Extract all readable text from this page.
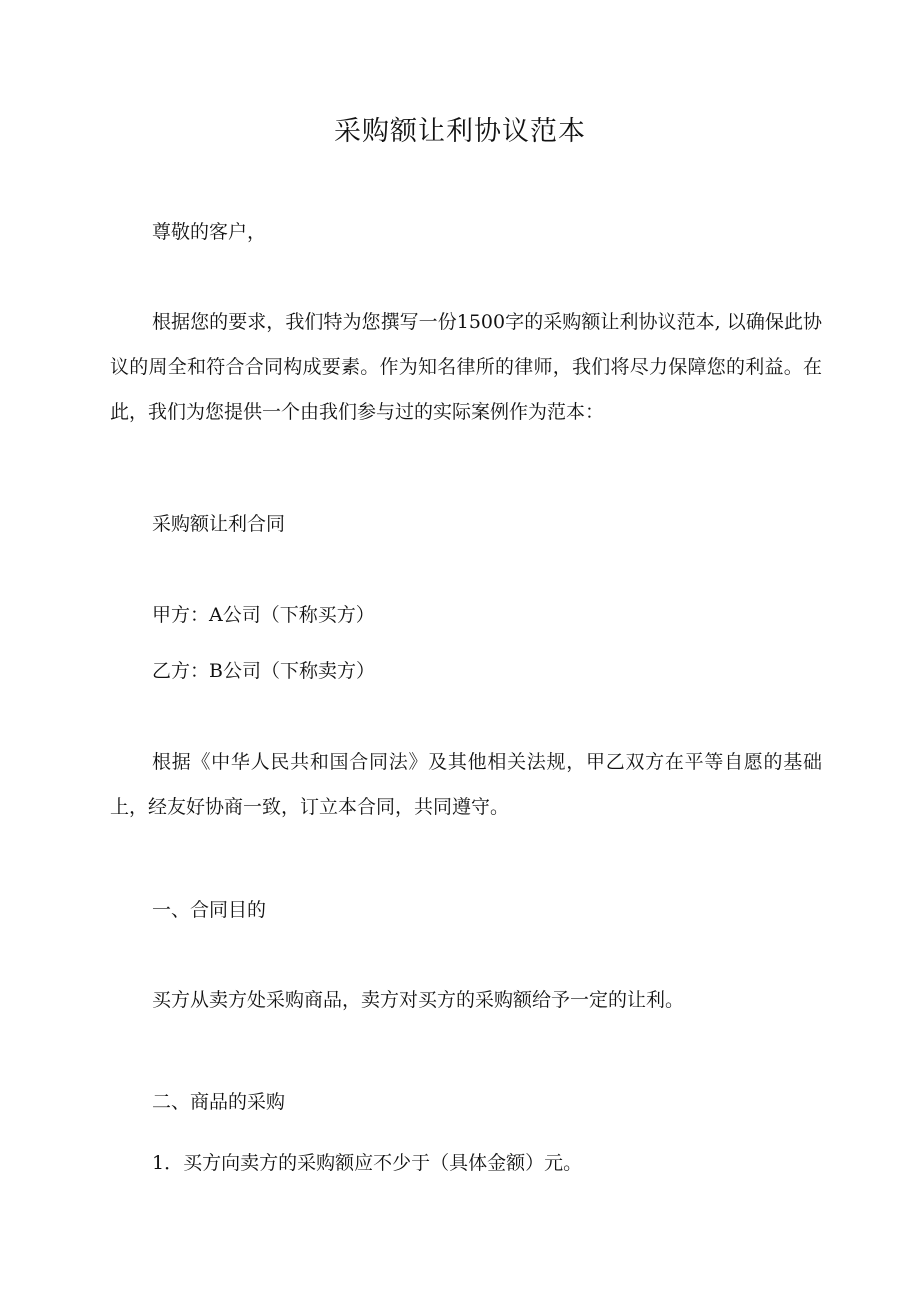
采购额让利协议范本

尊敬的客户，

根据您的要求，我们特为您撰写一份1500字的采购额让利协议范本, 以确保此协议的周全和符合合同构成要素。作为知名律所的律师，我们将尽力保障您的利益。在此，我们为您提供一个由我们参与过的实际案例作为范本：

采购额让利合同

甲方：A公司（下称买方）

乙方：B公司（下称卖方）

根据《中华人民共和国合同法》及其他相关法规，甲乙双方在平等自愿的基础上，经友好协商一致，订立本合同，共同遵守。

一、合同目的

买方从卖方处采购商品，卖方对买方的采购额给予一定的让利。

二、商品的采购

1．买方向卖方的采购额应不少于（具体金额）元。
